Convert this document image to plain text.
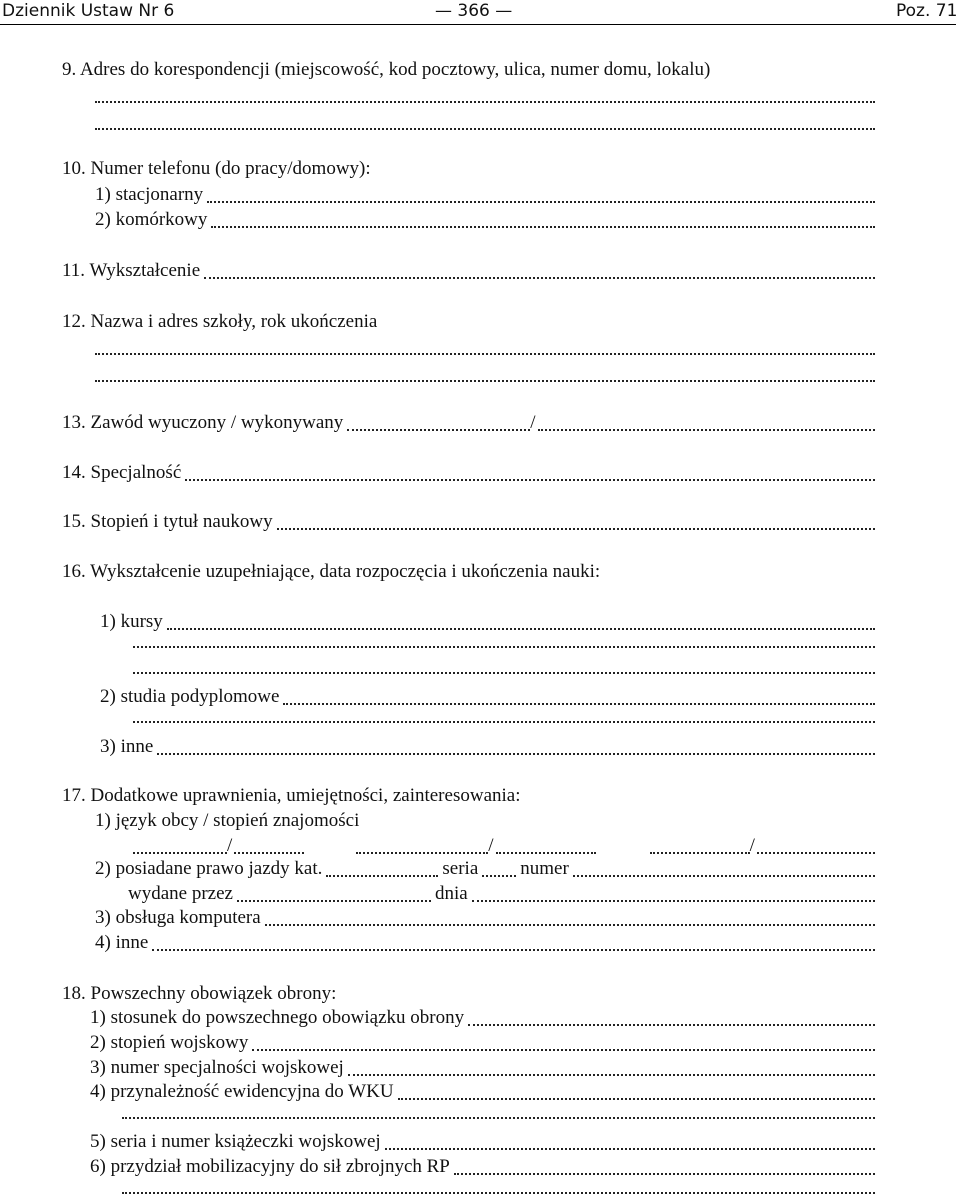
Dziennik Ustaw Nr 6	— 366 —	Poz. 71
9. Adres do korespondencji (miejscowość, kod pocztowy, ulica, numer domu, lokalu)
10. Numer telefonu (do pracy/domowy):
1) stacjonarny
2) komórkowy
11. Wykształcenie
12. Nazwa i adres szkoły, rok ukończenia
13. Zawód wyuczony / wykonywany	/
14. Specjalność
15. Stopień i tytuł naukowy
16. Wykształcenie uzupełniające, data rozpoczęcia i ukończenia nauki:
1) kursy
2) studia podyplomowe
3) inne
17. Dodatkowe uprawnienia, umiejętności, zainteresowania:
1) język obcy / stopień znajomości
/	/	/
2) posiadane prawo jazdy kat.	seria numer
wydane przez	dnia
3) obsługa komputera
4) inne
18. Powszechny obowiązek obrony:
1) stosunek do powszechnego obowiązku obrony
2) stopień wojskowy
3) numer specjalności wojskowej
4) przynależność ewidencyjna do WKU
5) seria i numer książeczki wojskowej
6) przydział mobilizacyjny do sił zbrojnych RP
